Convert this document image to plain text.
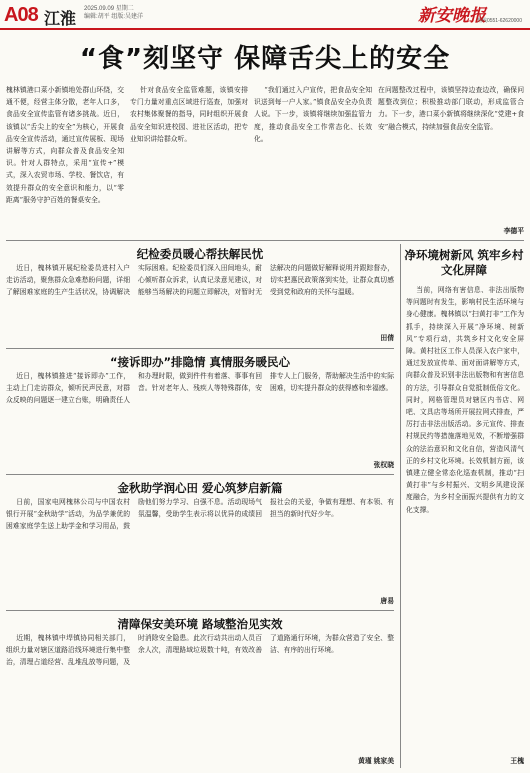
A08 江淮
2025.09.09 星期二
编辑:胡平 组版:吴建洋	新安晚报
热线0551-62620000
“食”刻坚守 保障舌尖上的安全
槐林镇港口菜小新镇地处群山环绕，交通不便，经营主体分散，老年人口多，食品安全宣传监管有诸多挑战。近日，该镇以“舌尖上的安全”为核心，开展食品安全宣传活动，通过宣传展板、现场讲解等方式，向群众普及食品安全知识。针对人群特点，采用“宣传+”模式，深入农贸市场、学校、餐饮店，有效提升群众的安全意识和能力，以“零距离”服务守护百姓的餐桌安全。
针对食品安全监管难题，该镇安排专门力量对重点区域进行巡查，加强对农村集体聚餐的指导，同时组织开展食品安全知识进校园、进社区活动，把专业知识讲给群众听。
“我们通过入户宣传，把食品安全知识送到每一户人家。”镇食品安全办负责人说。下一步，该镇将继续加强监管力度，推动食品安全工作常态化、长效化。
在问题整改过程中，该镇坚持边查边改，确保问题整改到位；积极推动部门联动，形成监管合力。下一步，港口菜小新镇将继续深化“党建+食安”融合模式，持续加强食品安全监管。
李德平
纪检委员暖心帮扶解民忧
近日，槐林镇开展纪检委员进村入户走访活动，聚焦群众急难愁盼问题，详细了解困难家庭的生产生活状况，协调解决实际困难。纪检委员们深入田间地头，耐心倾听群众诉求，认真记录意见建议，对能够当场解决的问题立即解决，对暂时无法解决的问题做好解释说明并跟踪督办，切实把惠民政策落到实处，让群众真切感受到党和政府的关怀与温暖。
田倩
“接诉即办”排隐情 真情服务暖民心
近日，槐林镇推进“接诉即办”工作，主动上门走访群众，倾听民声民意，对群众反映的问题逐一建立台账，明确责任人和办理时限，做到件件有着落、事事有回音。针对老年人、残疾人等特殊群体，安排专人上门服务，帮助解决生活中的实际困难，切实提升群众的获得感和幸福感。
张权晓
金秋助学润心田 爱心筑梦启新篇
日前，国家电网槐林公司与中国农村银行开展“金秋助学”活动，为品学兼优的困难家庭学生送上助学金和学习用品，鼓励他们努力学习、自强不息。活动现场气氛温馨，受助学生表示将以优异的成绩回报社会的关爱，争做有理想、有本领、有担当的新时代好少年。
唐易
清障保安美环境 路域整治见实效
近期，槐林镇中垾镇协同相关部门，组织力量对辖区道路沿线环境进行集中整治，清理占道经营、乱堆乱放等问题，及时消除安全隐患。此次行动共出动人员百余人次，清理路域垃圾数十吨，有效改善了道路通行环境，为群众营造了安全、整洁、有序的出行环境。
黄瑾 姚家美
净环境树新风 筑牢乡村文化屏障
当前，网络有害信息、非法出版物等问题时有发生，影响村民生活环境与身心健康。槐林镇以“扫黄打非”工作为抓手，持续深入开展“净环境、树新风”专项行动，共筑乡村文化安全屏障。黄村社区工作人员深入农户家中，通过发放宣传单、面对面讲解等方式，向群众普及识别非法出版物和有害信息的方法，引导群众自觉抵制低俗文化。同时，网格管理员对辖区内书店、网吧、文具店等场所开展拉网式排查，严厉打击非法出版活动。多元宣传、排查村规民约等措施落地见效，不断增强群众的法治意识和文化自信，营造风清气正的乡村文化环境。长效机制方面，该镇建立健全常态化巡查机制，推动“扫黄打非”与乡村振兴、文明乡风建设深度融合，为乡村全面振兴提供有力的文化支撑。
王槐
